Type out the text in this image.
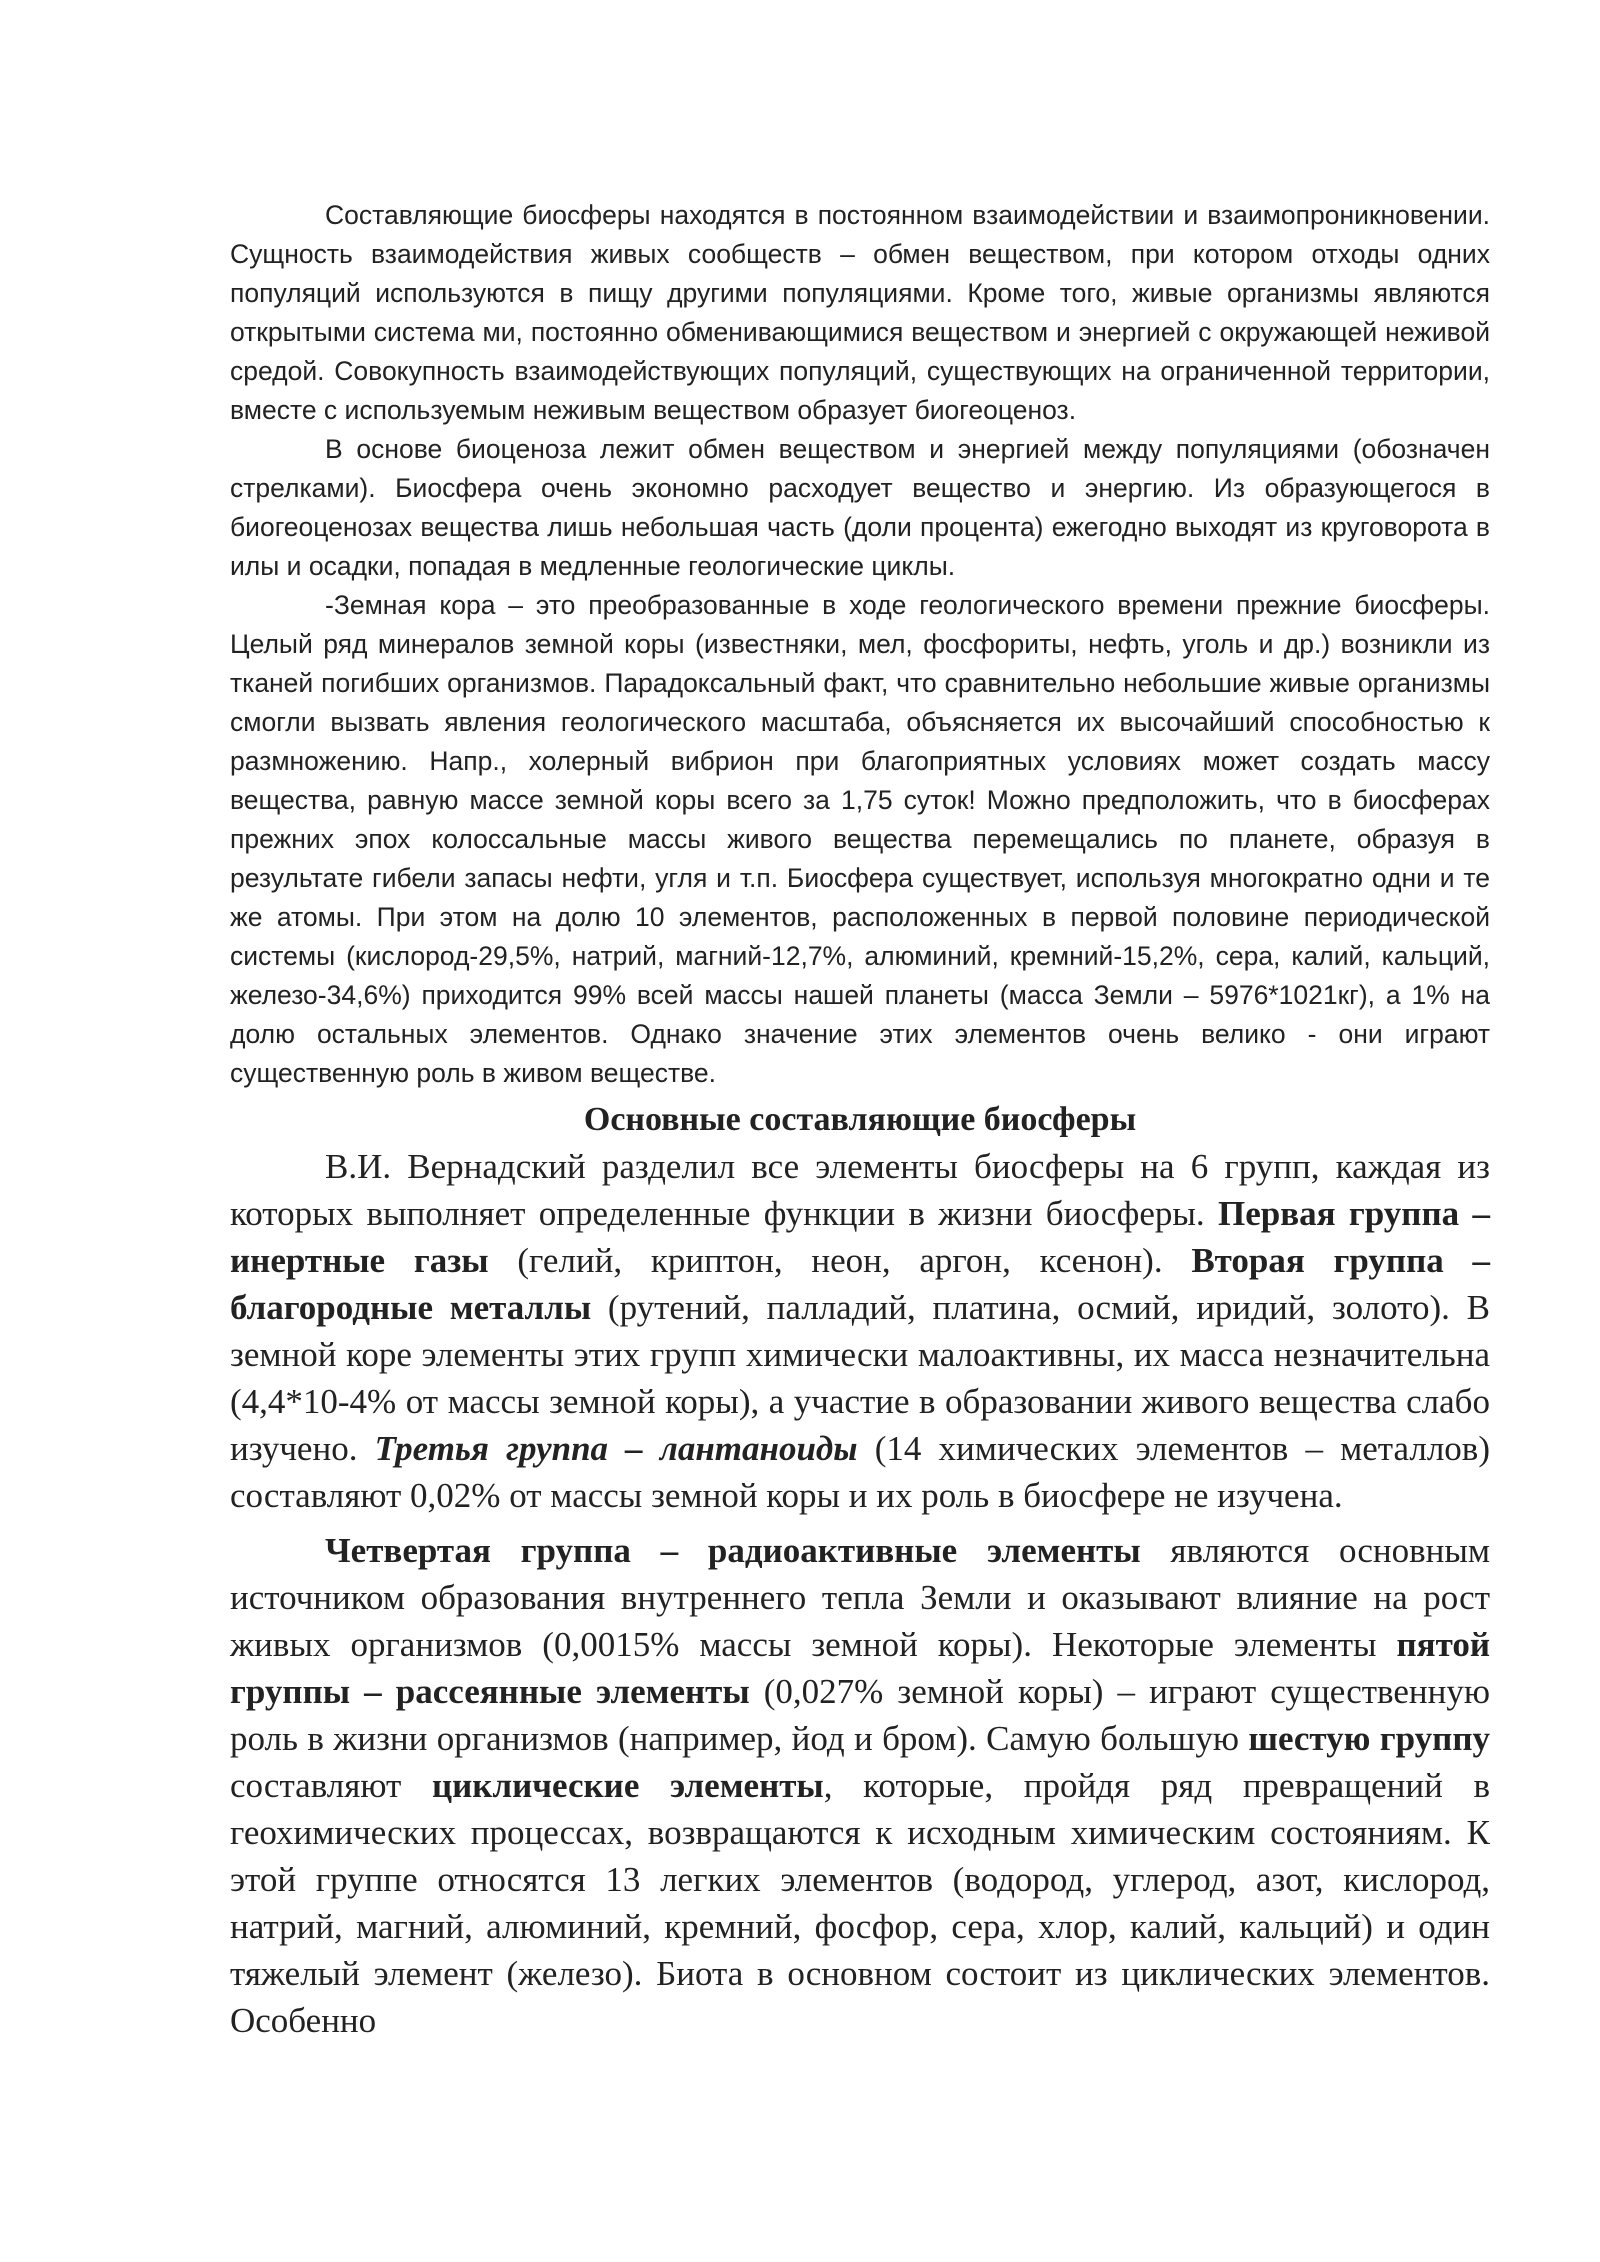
Составляющие биосферы находятся в постоянном взаимодействии и взаимопроникновении. Сущность взаимодействия живых сообществ – обмен веществом, при котором отходы одних популяций используются в пищу другими популяциями. Кроме того, живые организмы являются открытыми система ми, постоянно обменивающимися веществом и энергией с окружающей неживой средой. Совокупность взаимодействующих популяций, существующих на ограниченной территории, вместе с используемым неживым веществом образует биогеоценоз.

В основе биоценоза лежит обмен веществом и энергией между популяциями (обозначен стрелками). Биосфера очень экономно расходует вещество и энергию. Из образующегося в биогеоценозах вещества лишь небольшая часть (доли процента) ежегодно выходят из круговорота в илы и осадки, попадая в медленные геологические циклы.

-Земная кора – это преобразованные в ходе геологического времени прежние биосферы. Целый ряд минералов земной коры (известняки, мел, фосфориты, нефть, уголь и др.) возникли из тканей погибших организмов. Парадоксальный факт, что сравнительно небольшие живые организмы смогли вызвать явления геологического масштаба, объясняется их высочайший способностью к размножению. Напр., холерный вибрион при благоприятных условиях может создать массу вещества, равную массе земной коры всего за 1,75 суток! Можно предположить, что в биосферах прежних эпох колоссальные массы живого вещества перемещались по планете, образуя в результате гибели запасы нефти, угля и т.п. Биосфера существует, используя многократно одни и те же атомы. При этом на долю 10 элементов, расположенных в первой половине периодической системы (кислород-29,5%, натрий, магний-12,7%, алюминий, кремний-15,2%, сера, калий, кальций, железо-34,6%) приходится 99% всей массы нашей планеты (масса Земли – 5976*1021кг), а 1% на долю остальных элементов. Однако значение этих элементов очень велико - они играют существенную роль в живом веществе.

Основные составляющие биосферы

В.И. Вернадский разделил все элементы биосферы на 6 групп, каждая из которых выполняет определенные функции в жизни биосферы. Первая группа – инертные газы (гелий, криптон, неон, аргон, ксенон). Вторая группа – благородные металлы (рутений, палладий, платина, осмий, иридий, золото). В земной коре элементы этих групп химически малоактивны, их масса незначительна (4,4*10-4% от массы земной коры), а участие в образовании живого вещества слабо изучено. Третья группа – лантаноиды (14 химических элементов – металлов) составляют 0,02% от массы земной коры и их роль в биосфере не изучена.

Четвертая группа – радиоактивные элементы являются основным источником образования внутреннего тепла Земли и оказывают влияние на рост живых организмов (0,0015% массы земной коры). Некоторые элементы пятой группы – рассеянные элементы (0,027% земной коры) – играют существенную роль в жизни организмов (например, йод и бром). Самую большую шестую группу составляют циклические элементы, которые, пройдя ряд превращений в геохимических процессах, возвращаются к исходным химическим состояниям. К этой группе относятся 13 легких элементов (водород, углерод, азот, кислород, натрий, магний, алюминий, кремний, фосфор, сера, хлор, калий, кальций) и один тяжелый элемент (железо). Биота в основном состоит из циклических элементов. Особенно
